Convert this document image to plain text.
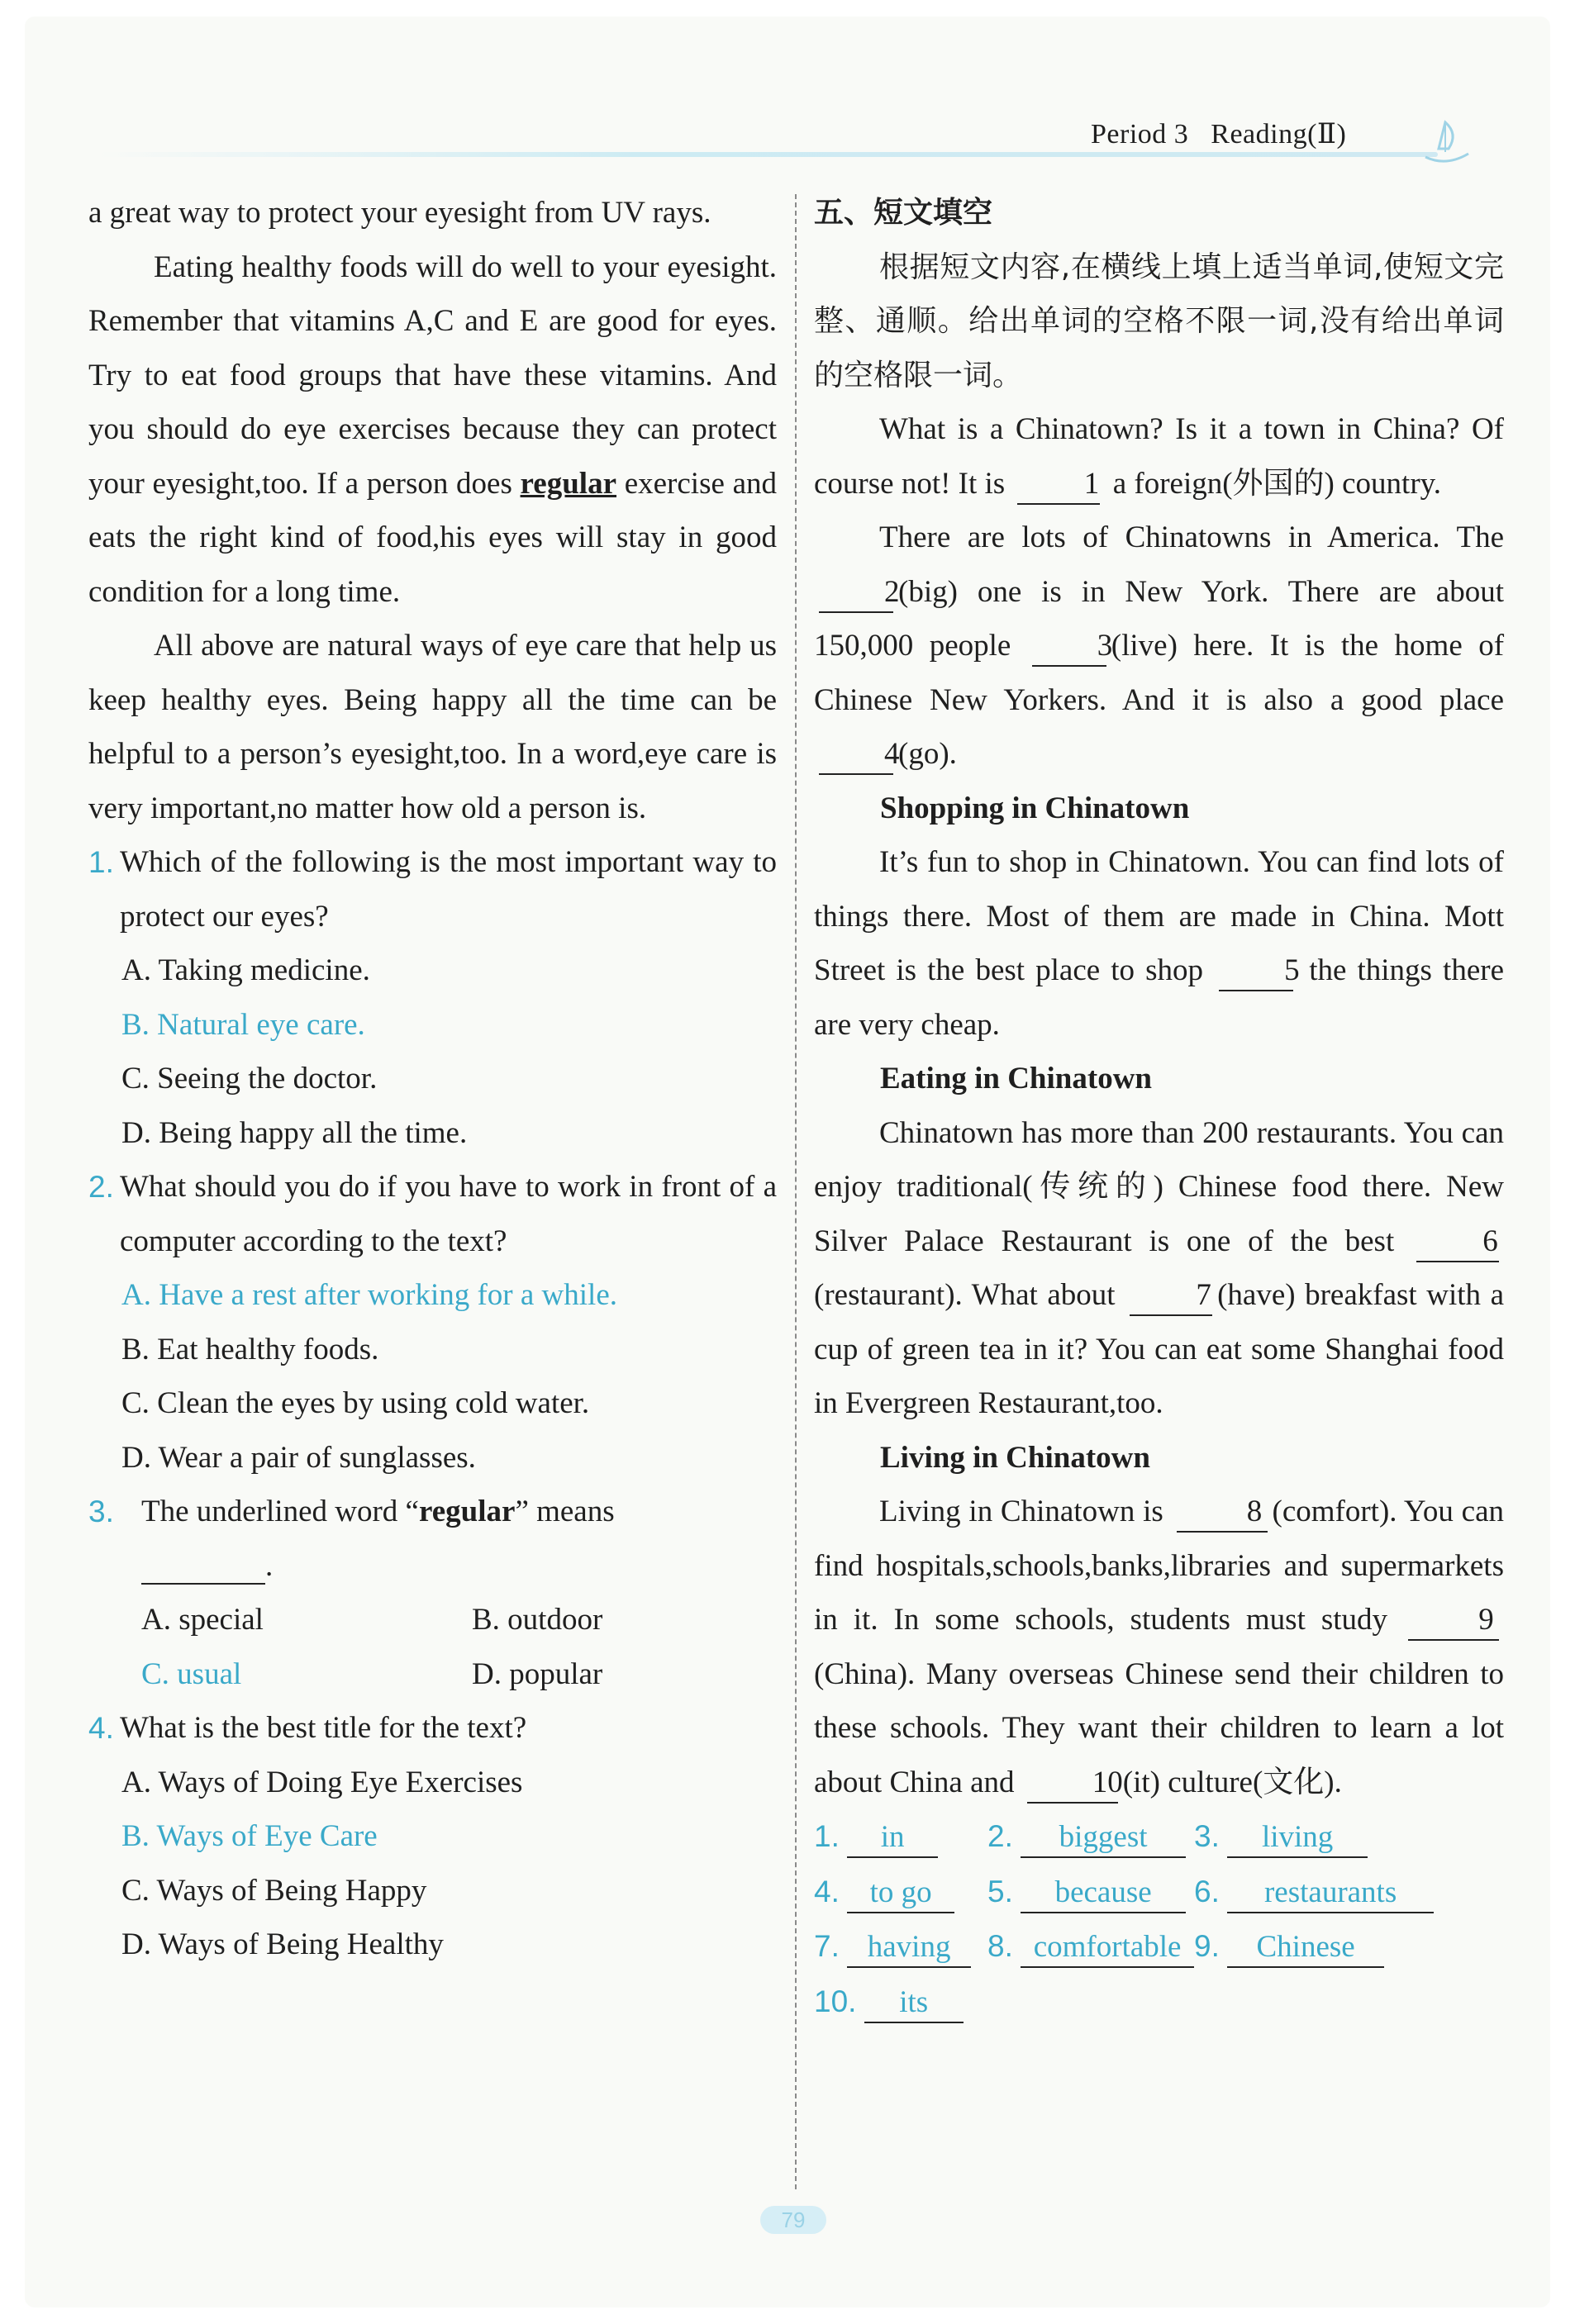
Period 3 Reading(Ⅱ)

a great way to protect your eyesight from UV rays.

Eating healthy foods will do well to your eyesight. Remember that vitamins A,C and E are good for eyes. Try to eat food groups that have these vitamins. And you should do eye exercises because they can protect your eyesight,too. If a person does regular exercise and eats the right kind of food,his eyes will stay in good condition for a long time.

All above are natural ways of eye care that help us keep healthy eyes. Being happy all the time can be helpful to a person’s eyesight,too. In a word,eye care is very important,no matter how old a person is.

1. Which of the following is the most important way to protect our eyes?

A. Taking medicine.
B. Natural eye care.
C. Seeing the doctor.
D. Being happy all the time.
2. What should you do if you have to work in front of a computer according to the text?

A. Have a rest after working for a while.
B. Eat healthy foods.
C. Clean the eyes by using cold water.
D. Wear a pair of sunglasses.
3. The underlined word “regular” means

.
A. special	B. outdoor
C. usual	D. popular
4. What is the best title for the text?

A. Ways of Doing Eye Exercises
B. Ways of Eye Care
C. Ways of Being Happy
D. Ways of Being Healthy
五、短文填空

根据短文内容,在横线上填上适当单词,使短文完整、通顺。给出单词的空格不限一词,没有给出单词的空格限一词。

What is a Chinatown? Is it a town in China? Of course not! It is 1 a foreign(外国的) country.

There are lots of Chinatowns in America. The 2(big) one is in New York. There are about 150,000 people 3(live) here. It is the home of Chinese New Yorkers. And it is also a good place 4(go).

Shopping in Chinatown

It’s fun to shop in Chinatown. You can find lots of things there. Most of them are made in China. Mott Street is the best place to shop 5 the things there are very cheap.

Eating in Chinatown

Chinatown has more than 200 restaurants. You can enjoy traditional(传统的) Chinese food there. New Silver Palace Restaurant is one of the best 6(restaurant). What about 7 (have) breakfast with a cup of green tea in it? You can eat some Shanghai food in Evergreen Restaurant,too.

Living in Chinatown

Living in Chinatown is 8 (comfort). You can find hospitals,schools,banks,libraries and supermarkets in it. In some schools, students must study 9(China). Many overseas Chinese send their children to these schools. They want their children to learn a lot about China and 10(it) culture(文化).

1. in	2. biggest	3. living
4. to go	5. because	6. restaurants
7. having	8. comfortable 9. Chinese
10. its
79
